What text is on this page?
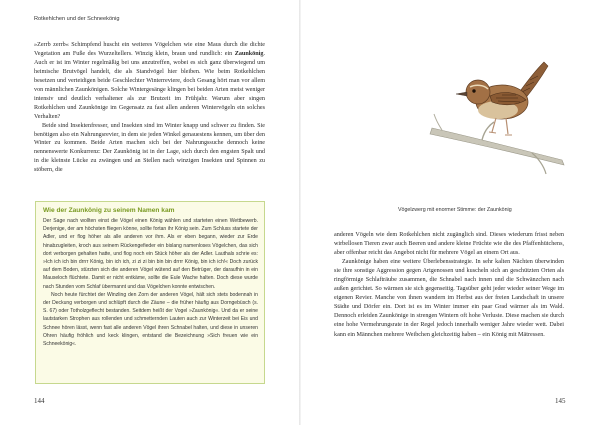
Rotkehlchen und der Schneekönig

»Zerrb zerrb« Schimpfend huscht ein weiteres Vögelchen wie eine Maus durch die dichte Vegetation am Fuße des Wurzeltellers. Winzig klein, braun und rundlich: ein Zaunkönig. Auch er ist im Winter regelmäßig bei uns anzutreffen, wobei es sich ganz überwiegend um heimische Brutvögel handelt, die als Standvögel hier bleiben. Wie beim Rotkehlchen besetzen und verteidigen beide Geschlechter Winterreviere, doch Gesang hört man vor allem von männlichen Zaunkönigen. Solche Wintergesänge klingen bei beiden Arten meist weniger intensiv und deutlich verhaltener als zur Brutzeit im Frühjahr. Warum aber singen Rotkehlchen und Zaunkönige im Gegensatz zu fast allen anderen Wintervögeln ein solches Verhalten?

Beide sind Insektenfresser, und Insekten sind im Winter knapp und schwer zu finden. Sie benötigen also ein Nahrungsrevier, in dem sie jeden Winkel genauestens kennen, um über den Winter zu kommen. Beide Arten machen sich bei der Nahrungssuche dennoch keine nennenswerte Konkurrenz: Der Zaunkönig ist in der Lage, sich durch den engsten Spalt und in die kleinste Lücke zu zwängen und an Stellen nach winzigen Insekten und Spinnen zu stöbern, die

Wie der Zaunkönig zu seinem Namen kam

Der Sage nach wollten einst die Vögel einen König wählen und starteten einen Wettbewerb. Derjenige, der am höchsten fliegen könne, sollte fortan ihr König sein. Zum Schluss startete der Adler, und er flog höher als alle anderen vor ihm. Als er eben begann, wieder zur Erde hinabzugleiten, kroch aus seinem Rückengefieder ein bislang namenloses Vögelchen, das sich dort verborgen gehalten hatte, und flog noch ein Stück höher als der Adler. Lauthals schrie es: »Ich ich ich bin drrrr König, bin ich ich, zi zi zi bin bin bin drrrr König, bin ich ich!« Doch zurück auf dem Boden, stürzten sich die anderen Vögel wütend auf den Betrüger, der daraufhin in ein Mauseloch flüchtete. Damit er nicht entkäme, sollte die Eule Wache halten. Doch diese wurde nach Stunden vom Schlaf übermannt und das Vögelchen konnte entwischen.

Noch heute fürchtet der Winzling den Zorn der anderen Vögel, hält sich stets bodennah in der Deckung verborgen und schlüpft durch die Zäune – die früher häufig aus Dorngebüsch (s. S. 67) oder Totholzgeflecht bestanden. Seitdem heißt der Vogel »Zaunkönig«. Und da er seine lautstarken Strophen aus rollenden und schmetternden Lauten auch zur Winterzeit bei Eis und Schnee hören lässt, wenn fast alle anderen Vögel ihren Schnabel halten, und diese in unseren Ohren häufig fröhlich und keck klingen, entstand die Bezeichnung »Sich freuen wie ein Schneekönig«.

144
Vögelzwerg mit enormer Stimme: der Zaunkönig

anderen Vögeln wie dem Rotkehlchen nicht zugänglich sind. Dieses wiederum frisst neben wirbellosen Tieren zwar auch Beeren und andere kleine Früchte wie die des Pfaffenhütchens, aber offenbar reicht das Angebot nicht für mehrere Vögel an einem Ort aus.

Zaunkönige haben eine weitere Überlebensstrategie. In sehr kalten Nächten überwinden sie ihre sonstige Aggression gegen Artgenossen und kuscheln sich an geschützten Orten als ringförmige Schlafträube zusammen, die Schnabel nach innen und die Schwänzchen nach außen gerichtet. So wärmen sie sich gegenseitig. Tagsüber geht jeder wieder seiner Wege im eigenen Revier. Manche von ihnen wandern im Herbst aus der freien Landschaft in unsere Städte und Dörfer ein. Dort ist es im Winter immer ein paar Grad wärmer als im Wald. Dennoch erleiden Zaunkönige in strengen Wintern oft hohe Verluste. Diese machen sie durch eine hohe Vermehrungsrate in der Regel jedoch innerhalb weniger Jahre wieder wett. Dabei kann ein Männchen mehrere Weibchen gleichzeitig haben – ein König mit Mätressen.

145
